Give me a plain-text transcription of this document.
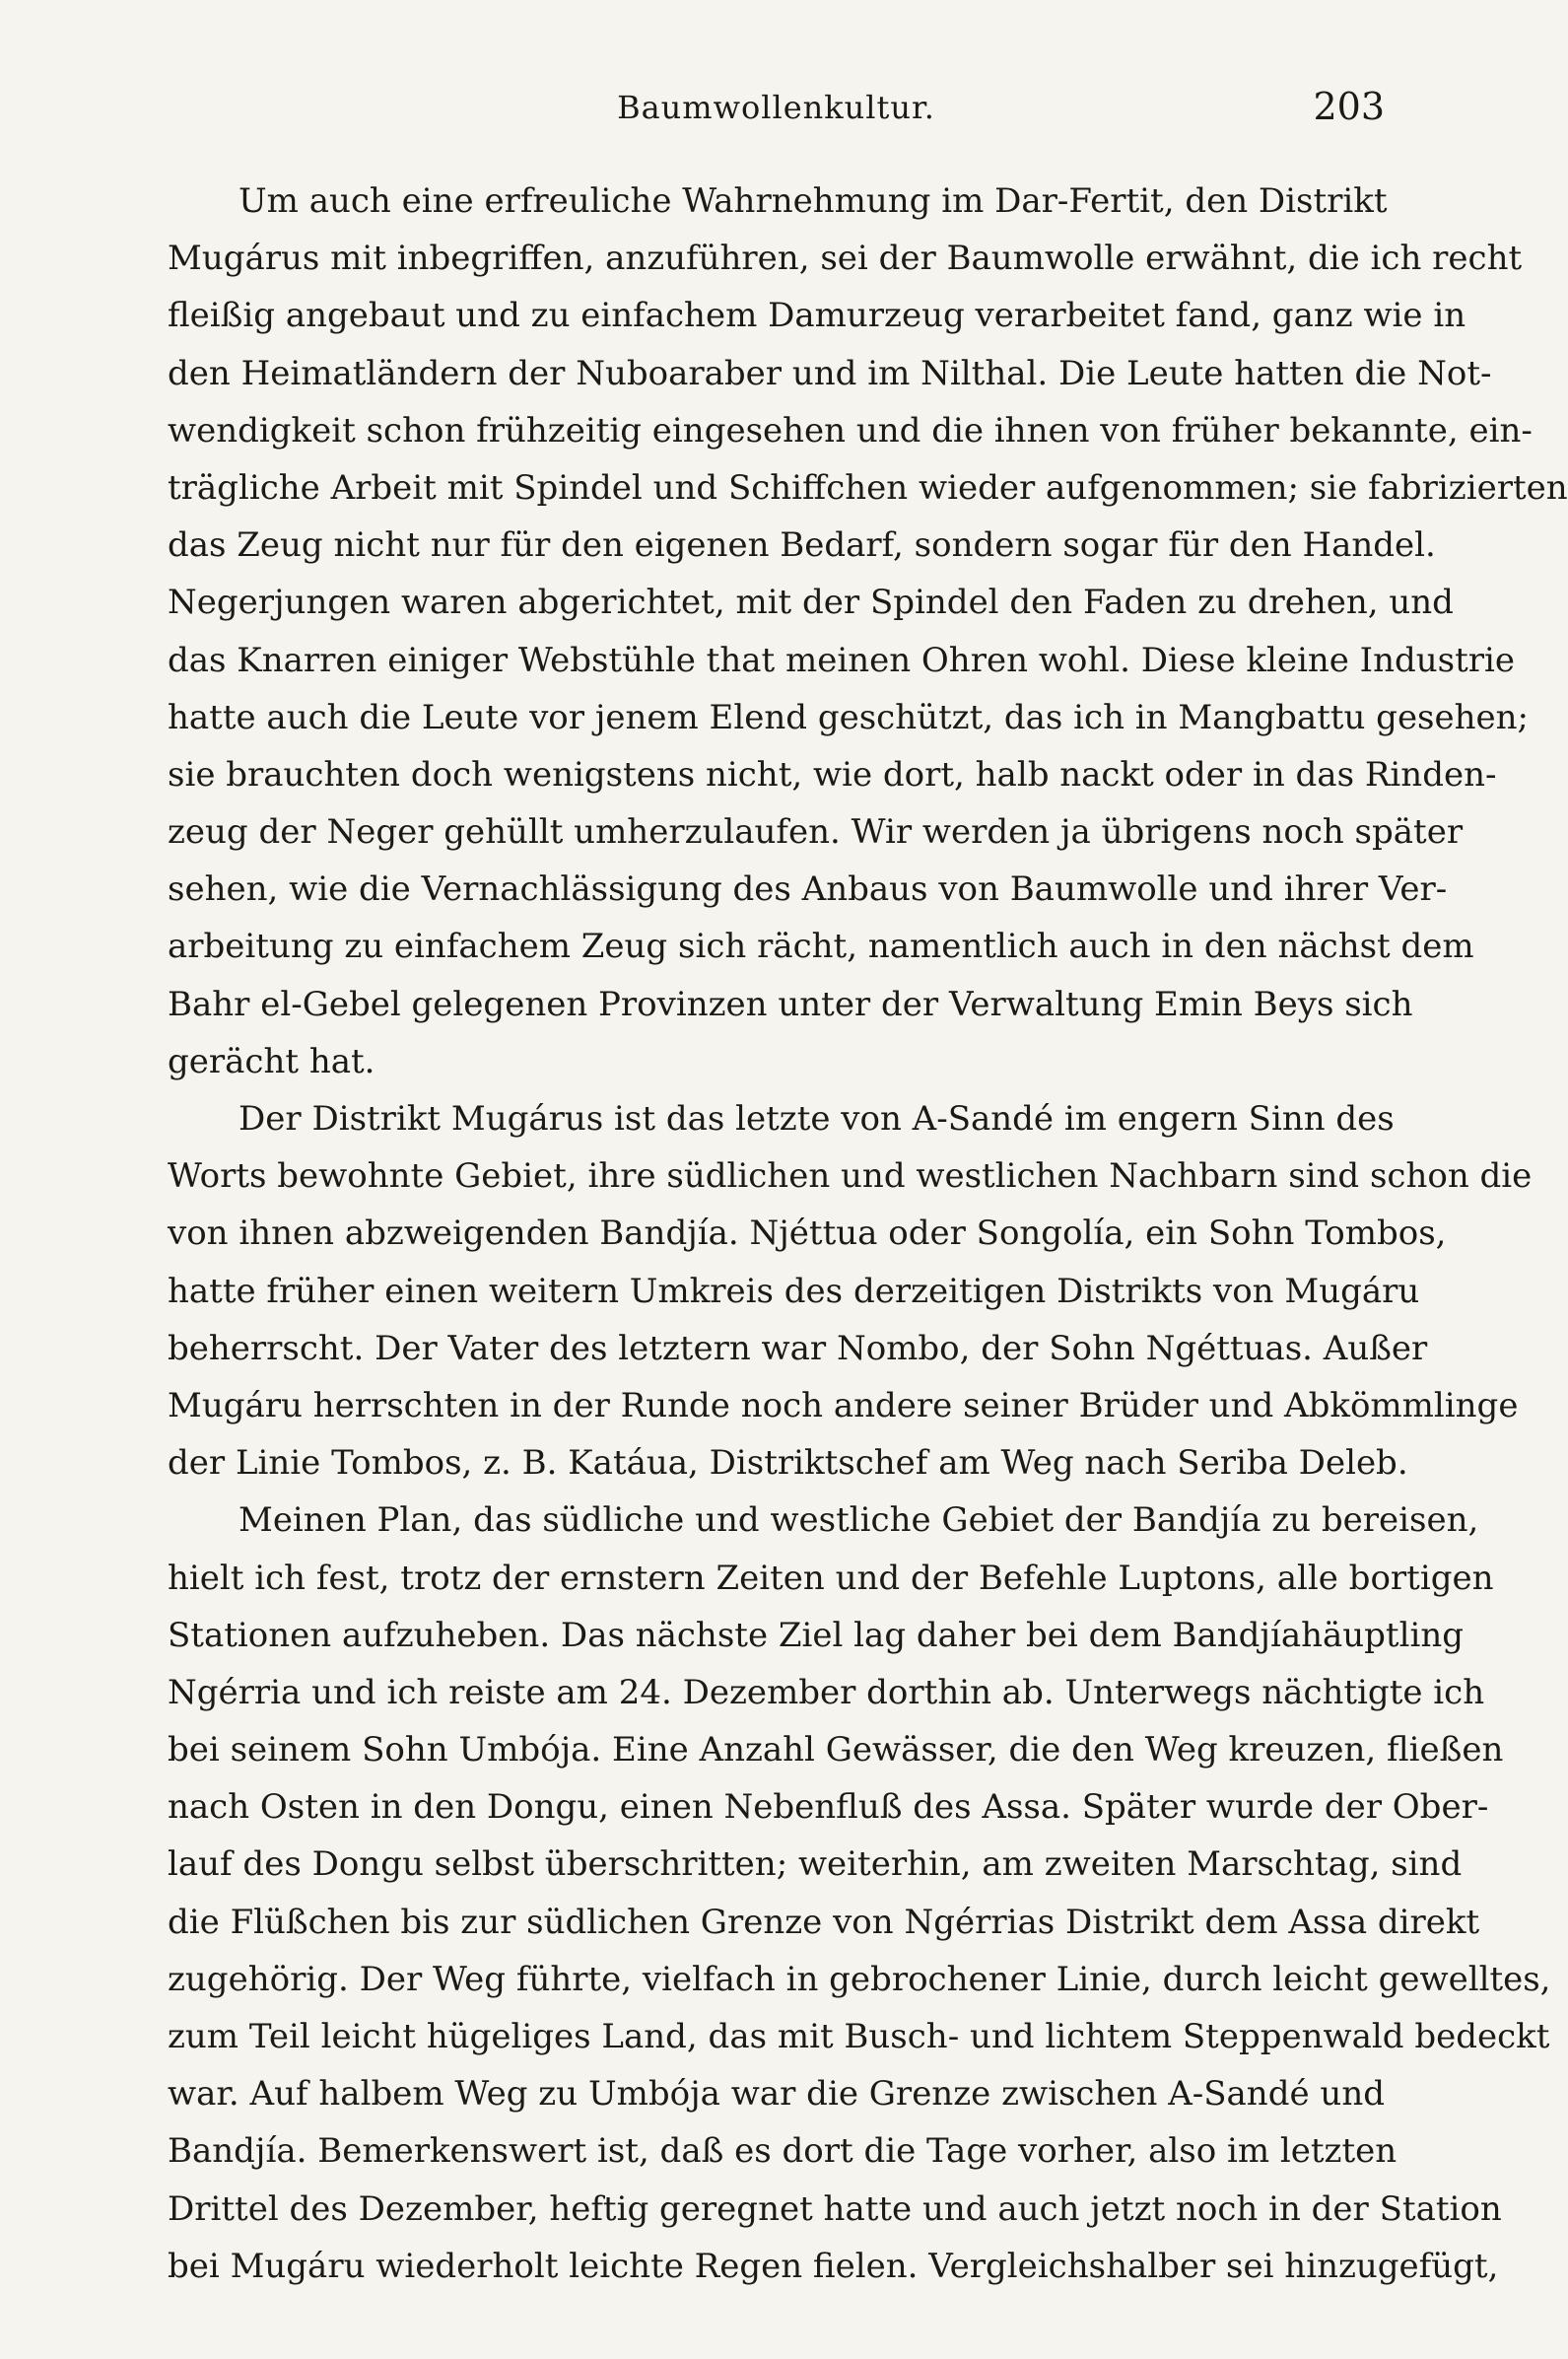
Baumwollenkultur.	203
Um auch eine erfreuliche Wahrnehmung im Dar-Fertit, den Distrikt
Mugárus mit inbegriffen, anzuführen, sei der Baumwolle erwähnt, die ich recht
fleißig angebaut und zu einfachem Damurzeug verarbeitet fand, ganz wie in
den Heimatländern der Nuboaraber und im Nilthal. Die Leute hatten die Not-
wendigkeit schon frühzeitig eingesehen und die ihnen von früher bekannte, ein-
trägliche Arbeit mit Spindel und Schiffchen wieder aufgenommen; sie fabrizierten
das Zeug nicht nur für den eigenen Bedarf, sondern sogar für den Handel.
Negerjungen waren abgerichtet, mit der Spindel den Faden zu drehen, und
das Knarren einiger Webstühle that meinen Ohren wohl. Diese kleine Industrie
hatte auch die Leute vor jenem Elend geschützt, das ich in Mangbattu gesehen;
sie brauchten doch wenigstens nicht, wie dort, halb nackt oder in das Rinden-
zeug der Neger gehüllt umherzulaufen. Wir werden ja übrigens noch später
sehen, wie die Vernachlässigung des Anbaus von Baumwolle und ihrer Ver-
arbeitung zu einfachem Zeug sich rächt, namentlich auch in den nächst dem
Bahr el-Gebel gelegenen Provinzen unter der Verwaltung Emin Beys sich
gerächt hat.
Der Distrikt Mugárus ist das letzte von A-Sandé im engern Sinn des
Worts bewohnte Gebiet, ihre südlichen und westlichen Nachbarn sind schon die
von ihnen abzweigenden Bandjía. Njéttua oder Songolía, ein Sohn Tombos,
hatte früher einen weitern Umkreis des derzeitigen Distrikts von Mugáru
beherrscht. Der Vater des letztern war Nombo, der Sohn Ngéttuas. Außer
Mugáru herrschten in der Runde noch andere seiner Brüder und Abkömmlinge
der Linie Tombos, z. B. Katáua, Distriktschef am Weg nach Seriba Deleb.
Meinen Plan, das südliche und westliche Gebiet der Bandjía zu bereisen,
hielt ich fest, trotz der ernstern Zeiten und der Befehle Luptons, alle bortigen
Stationen aufzuheben. Das nächste Ziel lag daher bei dem Bandjíahäuptling
Ngérria und ich reiste am 24. Dezember dorthin ab. Unterwegs nächtigte ich
bei seinem Sohn Umbója. Eine Anzahl Gewässer, die den Weg kreuzen, fließen
nach Osten in den Dongu, einen Nebenfluß des Assa. Später wurde der Ober-
lauf des Dongu selbst überschritten; weiterhin, am zweiten Marschtag, sind
die Flüßchen bis zur südlichen Grenze von Ngérrias Distrikt dem Assa direkt
zugehörig. Der Weg führte, vielfach in gebrochener Linie, durch leicht gewelltes,
zum Teil leicht hügeliges Land, das mit Busch- und lichtem Steppenwald bedeckt
war. Auf halbem Weg zu Umbója war die Grenze zwischen A-Sandé und
Bandjía. Bemerkenswert ist, daß es dort die Tage vorher, also im letzten
Drittel des Dezember, heftig geregnet hatte und auch jetzt noch in der Station
bei Mugáru wiederholt leichte Regen fielen. Vergleichshalber sei hinzugefügt,
